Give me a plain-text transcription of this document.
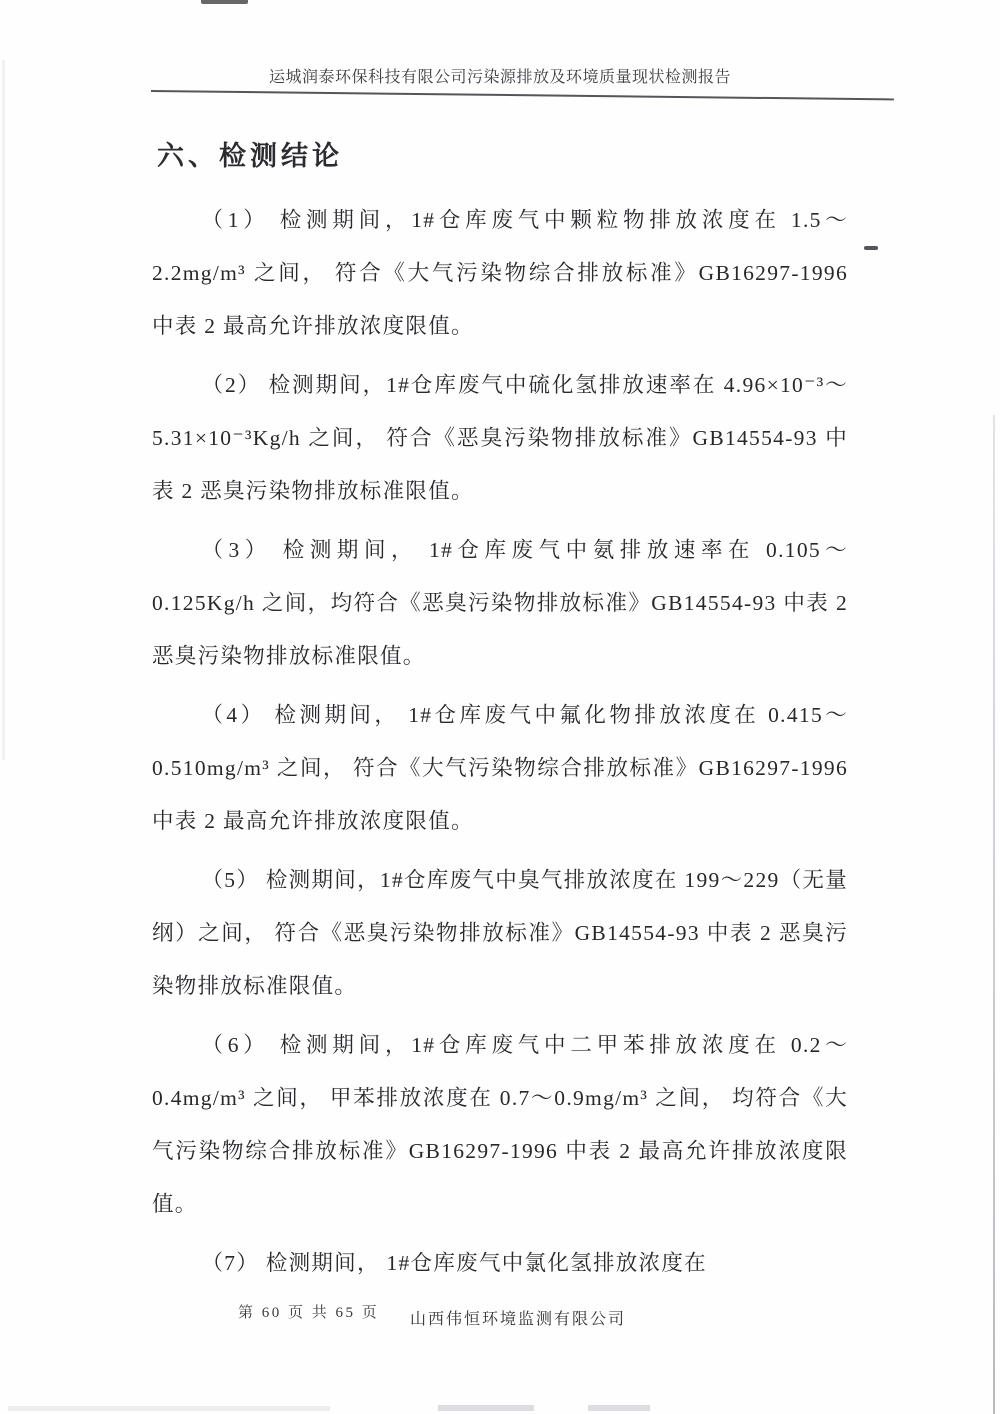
运城润泰环保科技有限公司污染源排放及环境质量现状检测报告
六、检测结论

（1） 检测期间，1#仓库废气中颗粒物排放浓度在 1.5～2.2mg/m³ 之间， 符合《大气污染物综合排放标准》GB16297-1996 中表 2 最高允许排放浓度限值。

（2） 检测期间，1#仓库废气中硫化氢排放速率在 4.96×10⁻³～5.31×10⁻³Kg/h 之间， 符合《恶臭污染物排放标准》GB14554-93 中表 2 恶臭污染物排放标准限值。

（3） 检测期间， 1#仓库废气中氨排放速率在 0.105～0.125Kg/h 之间，均符合《恶臭污染物排放标准》GB14554-93 中表 2 恶臭污染物排放标准限值。

（4） 检测期间， 1#仓库废气中氟化物排放浓度在 0.415～0.510mg/m³ 之间， 符合《大气污染物综合排放标准》GB16297-1996 中表 2 最高允许排放浓度限值。

（5） 检测期间，1#仓库废气中臭气排放浓度在 199～229（无量纲）之间， 符合《恶臭污染物排放标准》GB14554-93 中表 2 恶臭污染物排放标准限值。

（6） 检测期间，1#仓库废气中二甲苯排放浓度在 0.2～0.4mg/m³ 之间， 甲苯排放浓度在 0.7～0.9mg/m³ 之间， 均符合《大气污染物综合排放标准》GB16297-1996 中表 2 最高允许排放浓度限值。

（7） 检测期间， 1#仓库废气中氯化氢排放浓度在

第 60 页 共 65 页 山西伟恒环境监测有限公司
